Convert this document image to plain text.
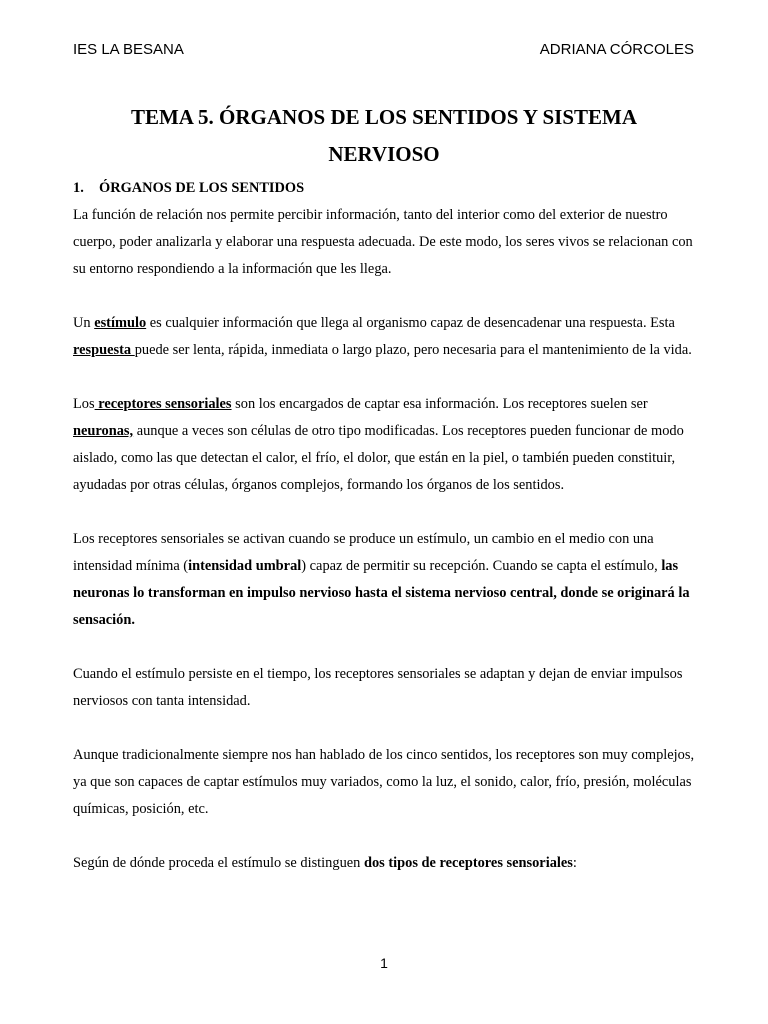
IES LA BESANA	ADRIANA CÓRCOLES
TEMA 5. ÓRGANOS DE LOS SENTIDOS Y SISTEMA
NERVIOSO
1. ÓRGANOS DE LOS SENTIDOS

La función de relación nos permite percibir información, tanto del interior como del exterior de nuestro cuerpo, poder analizarla y elaborar una respuesta adecuada. De este modo, los seres vivos se relacionan con su entorno respondiendo a la información que les llega.

Un estímulo es cualquier información que llega al organismo capaz de desencadenar una respuesta. Esta respuesta puede ser lenta, rápida, inmediata o largo plazo, pero necesaria para el mantenimiento de la vida.

Los receptores sensoriales son los encargados de captar esa información. Los receptores suelen ser neuronas, aunque a veces son células de otro tipo modificadas. Los receptores pueden funcionar de modo aislado, como las que detectan el calor, el frío, el dolor, que están en la piel, o también pueden constituir, ayudadas por otras células, órganos complejos, formando los órganos de los sentidos.

Los receptores sensoriales se activan cuando se produce un estímulo, un cambio en el medio con una intensidad mínima (intensidad umbral) capaz de permitir su recepción. Cuando se capta el estímulo, las neuronas lo transforman en impulso nervioso hasta el sistema nervioso central, donde se originará la sensación.

Cuando el estímulo persiste en el tiempo, los receptores sensoriales se adaptan y dejan de enviar impulsos nerviosos con tanta intensidad.

Aunque tradicionalmente siempre nos han hablado de los cinco sentidos, los receptores son muy complejos, ya que son capaces de captar estímulos muy variados, como la luz, el sonido, calor, frío, presión, moléculas químicas, posición, etc.

Según de dónde proceda el estímulo se distinguen dos tipos de receptores sensoriales:

1
